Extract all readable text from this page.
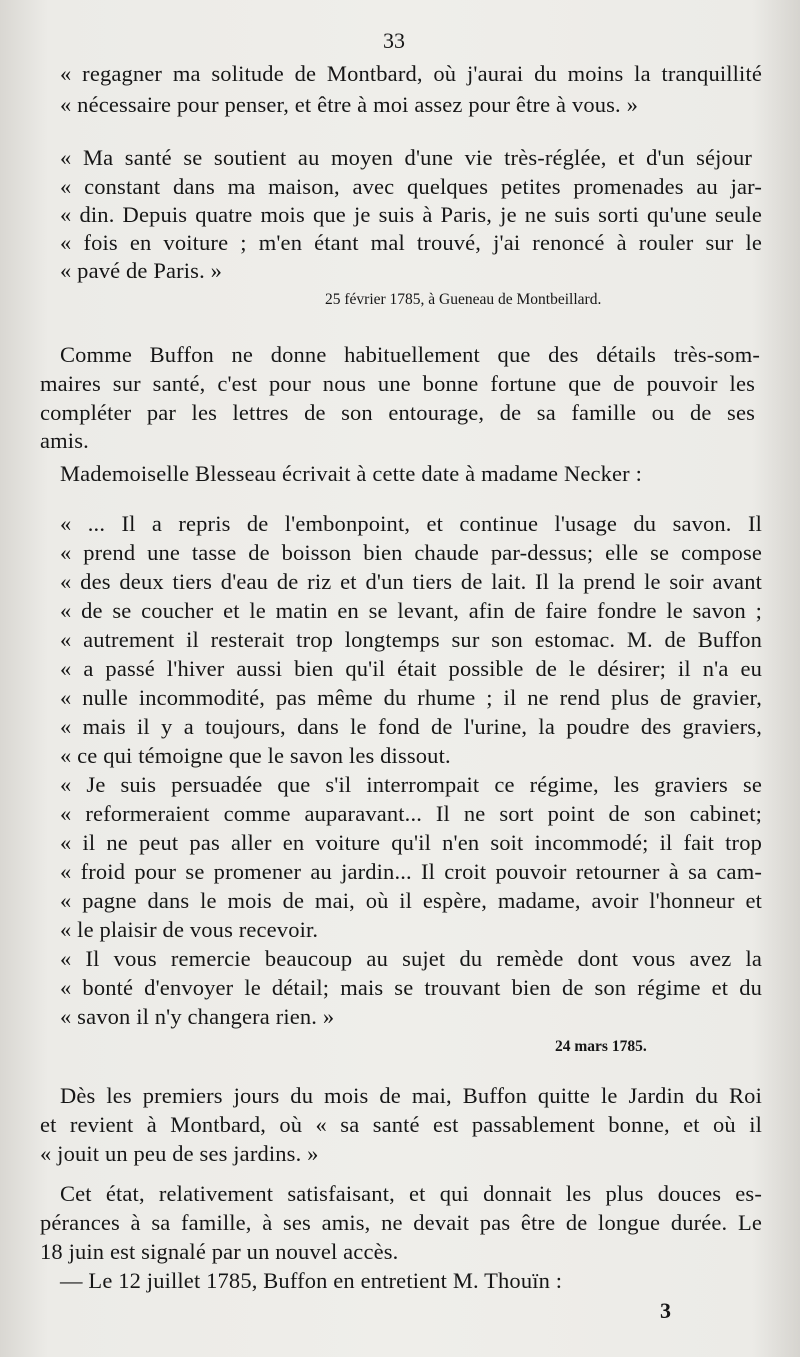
33
« regagner ma solitude de Montbard, où j'aurai du moins la tranquillité
« nécessaire pour penser, et être à moi assez pour être à vous. »
« Ma santé se soutient au moyen d'une vie très-réglée, et d'un séjour
« constant dans ma maison, avec quelques petites promenades au jar-
« din. Depuis quatre mois que je suis à Paris, je ne suis sorti qu'une seule
« fois en voiture ; m'en étant mal trouvé, j'ai renoncé à rouler sur le
« pavé de Paris. »
25 février 1785, à Gueneau de Montbeillard.
Comme Buffon ne donne habituellement que des détails très-som-
maires sur santé, c'est pour nous une bonne fortune que de pouvoir les
compléter par les lettres de son entourage, de sa famille ou de ses
amis.
Mademoiselle Blesseau écrivait à cette date à madame Necker :
« ... Il a repris de l'embonpoint, et continue l'usage du savon. Il
« prend une tasse de boisson bien chaude par-dessus; elle se compose
« des deux tiers d'eau de riz et d'un tiers de lait. Il la prend le soir avant
« de se coucher et le matin en se levant, afin de faire fondre le savon ;
« autrement il resterait trop longtemps sur son estomac. M. de Buffon
« a passé l'hiver aussi bien qu'il était possible de le désirer; il n'a eu
« nulle incommodité, pas même du rhume ; il ne rend plus de gravier,
« mais il y a toujours, dans le fond de l'urine, la poudre des graviers,
« ce qui témoigne que le savon les dissout.
« Je suis persuadée que s'il interrompait ce régime, les graviers se
« reformeraient comme auparavant... Il ne sort point de son cabinet;
« il ne peut pas aller en voiture qu'il n'en soit incommodé; il fait trop
« froid pour se promener au jardin... Il croit pouvoir retourner à sa cam-
« pagne dans le mois de mai, où il espère, madame, avoir l'honneur et
« le plaisir de vous recevoir.
« Il vous remercie beaucoup au sujet du remède dont vous avez la
« bonté d'envoyer le détail; mais se trouvant bien de son régime et du
« savon il n'y changera rien. »
24 mars 1785.
Dès les premiers jours du mois de mai, Buffon quitte le Jardin du Roi
et revient à Montbard, où « sa santé est passablement bonne, et où il
« jouit un peu de ses jardins. »
Cet état, relativement satisfaisant, et qui donnait les plus douces es-
pérances à sa famille, à ses amis, ne devait pas être de longue durée. Le
18 juin est signalé par un nouvel accès.
— Le 12 juillet 1785, Buffon en entretient M. Thouïn :
3
